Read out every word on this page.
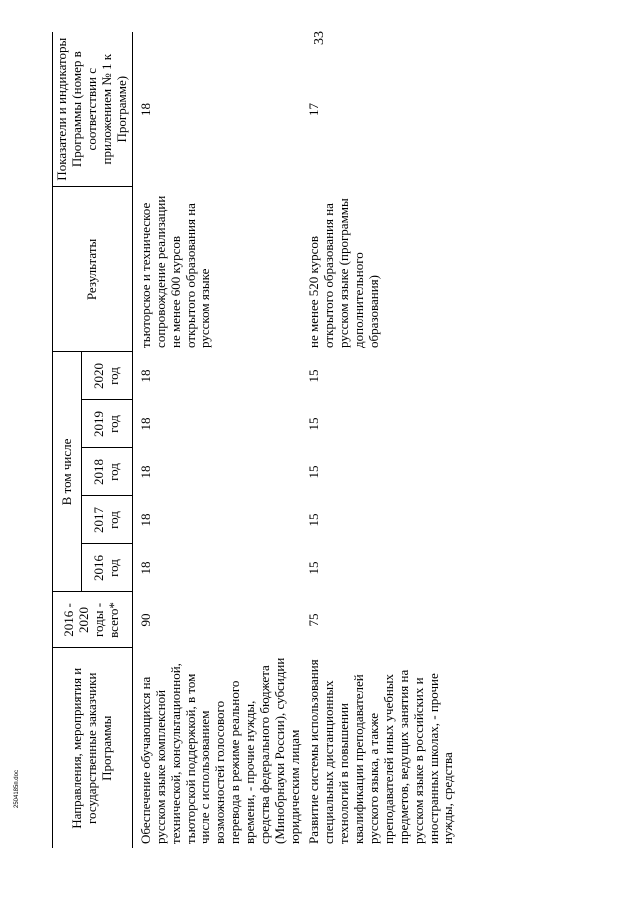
33
Направления, мероприятия и государственные заказчики Программы	2016 - 2020 годы - всего*	В том числе					Результаты	Показатели и индикаторы Программы (номер в соответствии с приложением № 1 к Программе)
		2016 год	2017 год	2018 год	2019 год	2020 год		
Обеспечение обучающихся на русском языке комплексной технической, консультационной, тьюторской поддержкой, в том числе с использованием возможностей голосового перевода в режиме реального времени, - прочие нужды, средства федерального бюджета (Минобрнауки России), субсидии юридическим лицам	90	18	18	18	18	18	тьюторское и техническое сопровождение реализации не менее 600 курсов открытого образования на русском языке	18
Развитие системы использования специальных дистанционных технологий в повышении квалификации преподавателей русского языка, а также преподавателей иных учебных предметов, ведущих занятия на русском языке в российских и иностранных школах, - прочие нужды, средства	75	15	15	15	15	15	не менее 520 курсов открытого образования на русском языке (программы дополнительного образования)	17
2504185п.doc
